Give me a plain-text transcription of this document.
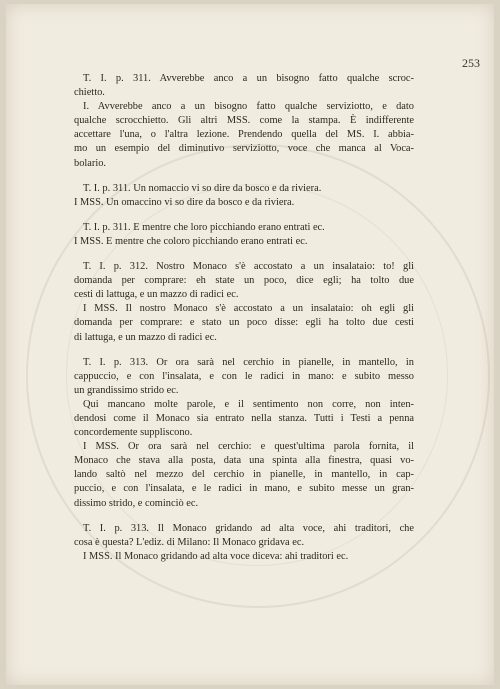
253
T. I. p. 311. Avverebbe anco a un bisogno fatto qualche scroc-
chietto.
I. Avverebbe anco a un bisogno fatto qualche serviziotto, e dato
qualche scrocchietto. Gli altri MSS. come la stampa. È indifferente
accettare l'una, o l'altra lezione. Prendendo quella del MS. I. abbia-
mo un esempio del diminutivo serviziotto, voce che manca al Voca-
bolario.
T. I. p. 311. Un nomaccio vi so dire da bosco e da riviera.
I MSS. Un omaccino vi so dire da bosco e da riviera.
T. I. p. 311. E mentre che loro picchiando erano entrati ec.
I MSS. E mentre che coloro picchiando erano entrati ec.
T. I. p. 312. Nostro Monaco s'è accostato a un insalataio: to! gli
domanda per comprare: eh state un poco, dice egli; ha tolto due
cesti di lattuga, e un mazzo di radici ec.
I MSS. Il nostro Monaco s'è accostato a un insalataio: oh egli gli
domanda per comprare: e stato un poco disse: egli ha tolto due cesti
di lattuga, e un mazzo di radici ec.
T. I. p. 313. Or ora sarà nel cerchio in pianelle, in mantello, in
cappuccio, e con l'insalata, e con le radici in mano: e subito messo
un grandissimo strido ec.
Qui mancano molte parole, e il sentimento non corre, non inten-
dendosi come il Monaco sia entrato nella stanza. Tutti i Testi a penna
concordemente suppliscono.
I MSS. Or ora sarà nel cerchio: e quest'ultima parola fornita, il
Monaco che stava alla posta, data una spinta alla finestra, quasi vo-
lando saltò nel mezzo del cerchio in pianelle, in mantello, in cap-
puccio, e con l'insalata, e le radici in mano, e subito messe un gran-
dissimo strido, e cominciò ec.
T. I. p. 313. Il Monaco gridando ad alta voce, ahi traditori, che
cosa è questa? L'ediz. di Milano: Il Monaco gridava ec.
I MSS. Il Monaco gridando ad alta voce diceva: ahi traditori ec.
